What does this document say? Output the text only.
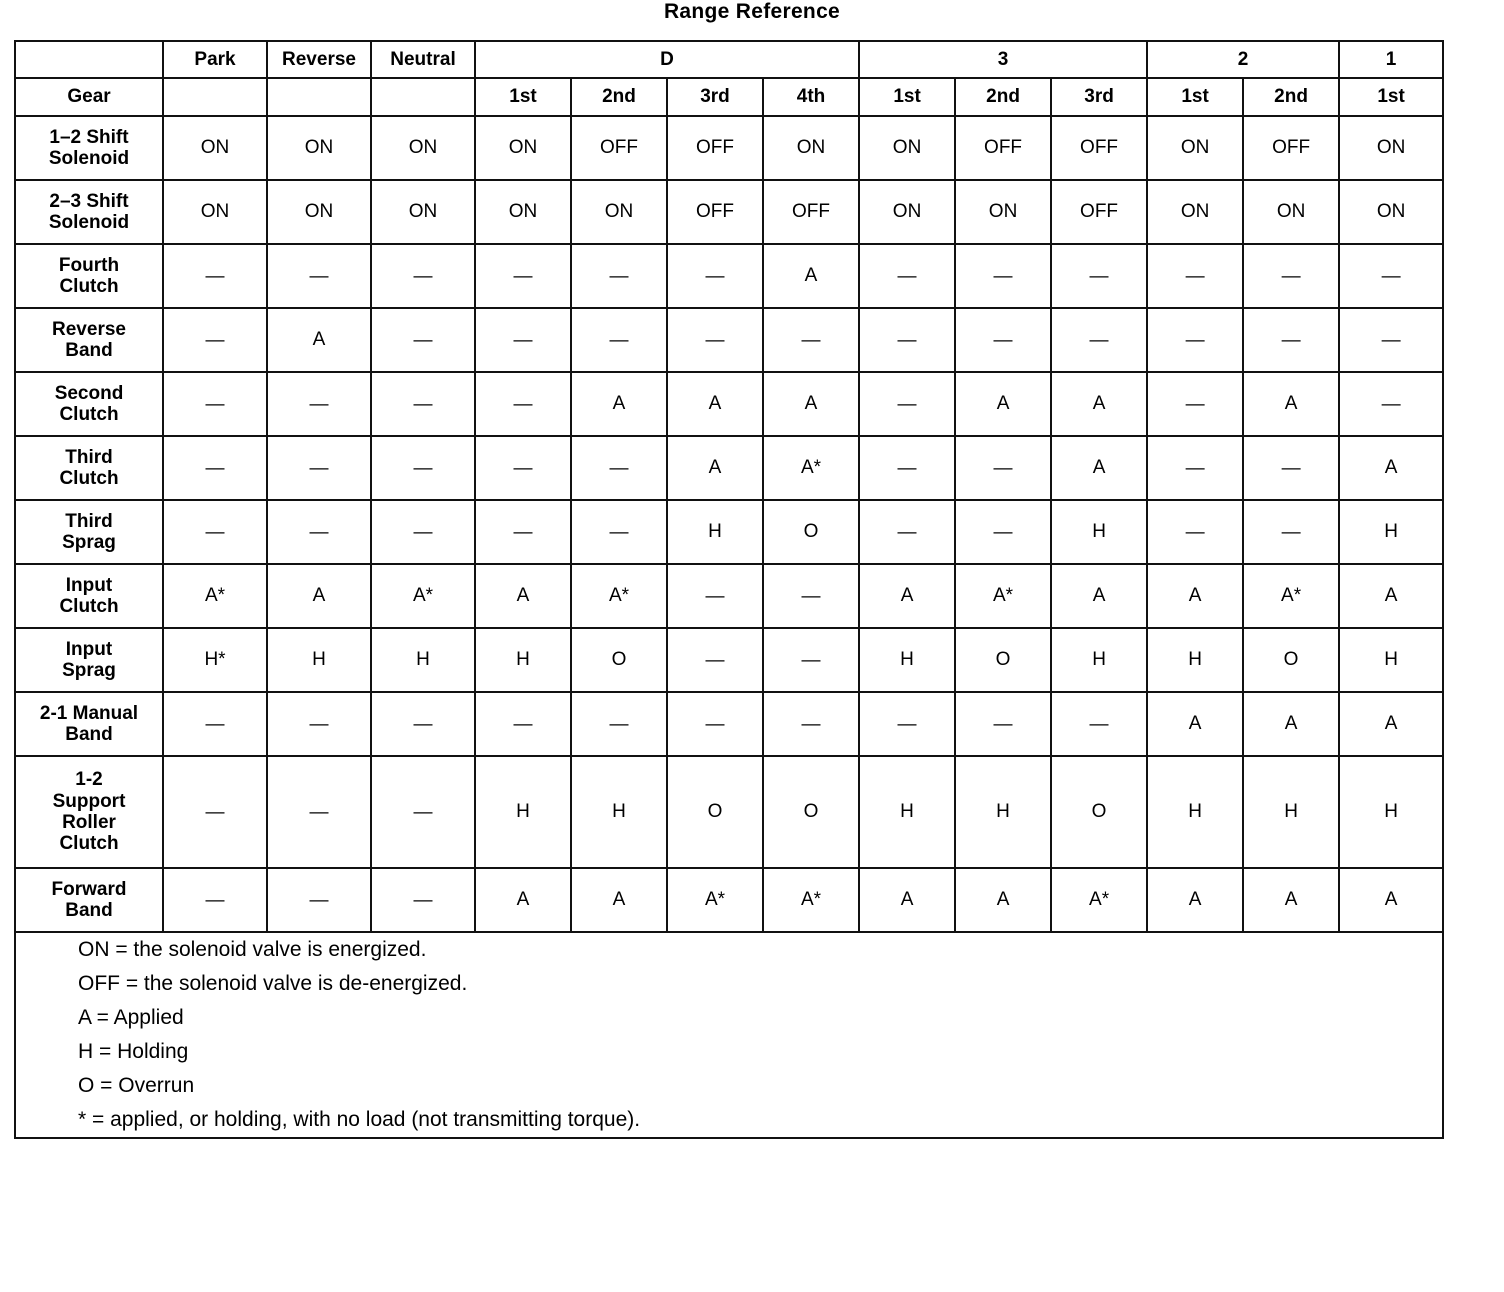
Range Reference
	Park	Reverse	Neutral	D				3			2		1
Gear				1st	2nd	3rd	4th	1st	2nd	3rd	1st	2nd	1st
1–2 Shift
Solenoid	ON	ON	ON	ON	OFF	OFF	ON	ON	OFF	OFF	ON	OFF	ON
2–3 Shift
Solenoid	ON	ON	ON	ON	ON	OFF	OFF	ON	ON	OFF	ON	ON	ON
Fourth
Clutch	—	—	—	—	—	—	A	—	—	—	—	—	—
Reverse
Band	—	A	—	—	—	—	—	—	—	—	—	—	—
Second
Clutch	—	—	—	—	A	A	A	—	A	A	—	A	—
Third
Clutch	—	—	—	—	—	A	A*	—	—	A	—	—	A
Third
Sprag	—	—	—	—	—	H	O	—	—	H	—	—	H
Input
Clutch	A*	A	A*	A	A*	—	—	A	A*	A	A	A*	A
Input
Sprag	H*	H	H	H	O	—	—	H	O	H	H	O	H
2-1 Manual
Band	—	—	—	—	—	—	—	—	—	—	A	A	A
1-2
Support
Roller
Clutch	—	—	—	H	H	O	O	H	H	O	H	H	H
Forward
Band	—	—	—	A	A	A*	A*	A	A	A*	A	A	A

ON = the solenoid valve is energized.
OFF = the solenoid valve is de-energized.
A = Applied
H = Holding
O = Overrun
* = applied, or holding, with no load (not transmitting torque).
